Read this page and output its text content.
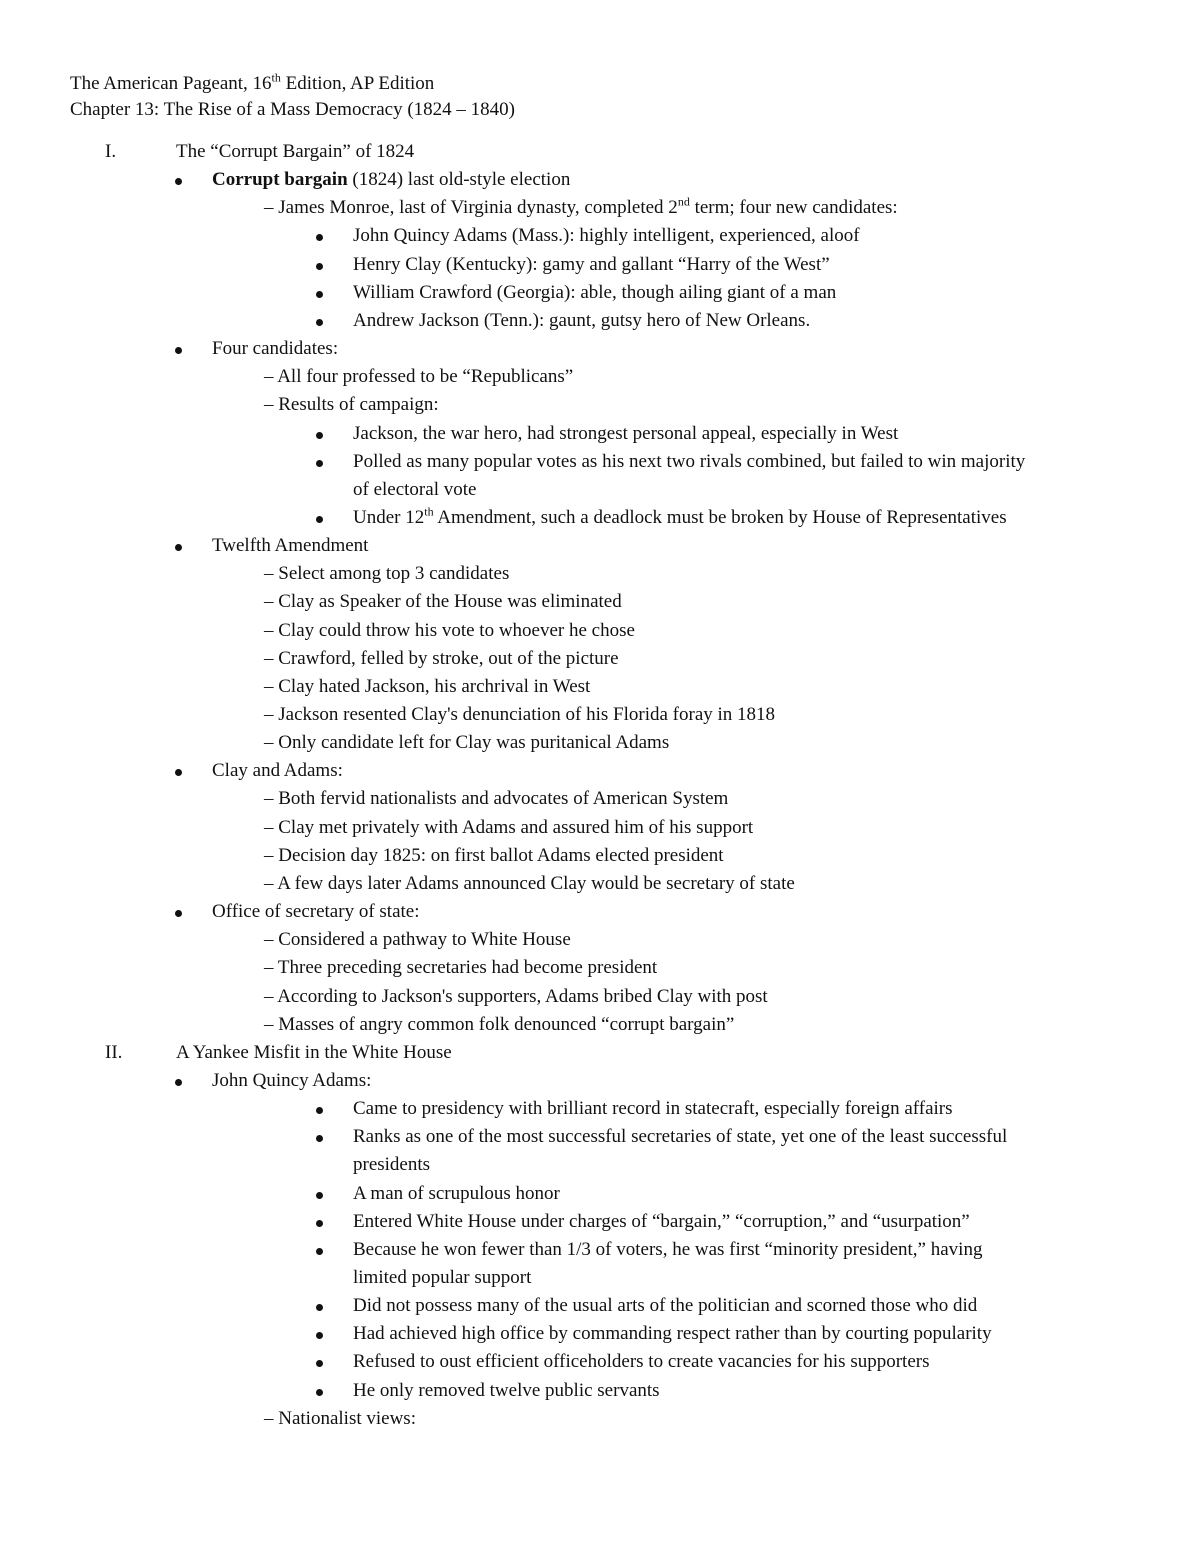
The American Pageant, 16th Edition, AP Edition
Chapter 13: The Rise of a Mass Democracy (1824 – 1840)
I.	The “Corrupt Bargain” of 1824
Corrupt bargain (1824) last old-style election
– James Monroe, last of Virginia dynasty, completed 2nd term; four new candidates:
John Quincy Adams (Mass.): highly intelligent, experienced, aloof
Henry Clay (Kentucky): gamy and gallant “Harry of the West”
William Crawford (Georgia): able, though ailing giant of a man
Andrew Jackson (Tenn.): gaunt, gutsy hero of New Orleans.
Four candidates:
– All four professed to be “Republicans”
– Results of campaign:
Jackson, the war hero, had strongest personal appeal, especially in West
Polled as many popular votes as his next two rivals combined, but failed to win majority
of electoral vote
Under 12th Amendment, such a deadlock must be broken by House of Representatives
Twelfth Amendment
– Select among top 3 candidates
– Clay as Speaker of the House was eliminated
– Clay could throw his vote to whoever he chose
– Crawford, felled by stroke, out of the picture
– Clay hated Jackson, his archrival in West
– Jackson resented Clay's denunciation of his Florida foray in 1818
– Only candidate left for Clay was puritanical Adams
Clay and Adams:
– Both fervid nationalists and advocates of American System
– Clay met privately with Adams and assured him of his support
– Decision day 1825: on first ballot Adams elected president
– A few days later Adams announced Clay would be secretary of state
Office of secretary of state:
– Considered a pathway to White House
– Three preceding secretaries had become president
– According to Jackson's supporters, Adams bribed Clay with post
– Masses of angry common folk denounced “corrupt bargain”
II.	A Yankee Misfit in the White House
John Quincy Adams:
Came to presidency with brilliant record in statecraft, especially foreign affairs
Ranks as one of the most successful secretaries of state, yet one of the least successful
presidents
A man of scrupulous honor
Entered White House under charges of “bargain,” “corruption,” and “usurpation”
Because he won fewer than 1/3 of voters, he was first “minority president,” having
limited popular support
Did not possess many of the usual arts of the politician and scorned those who did
Had achieved high office by commanding respect rather than by courting popularity
Refused to oust efficient officeholders to create vacancies for his supporters
He only removed twelve public servants
– Nationalist views:
